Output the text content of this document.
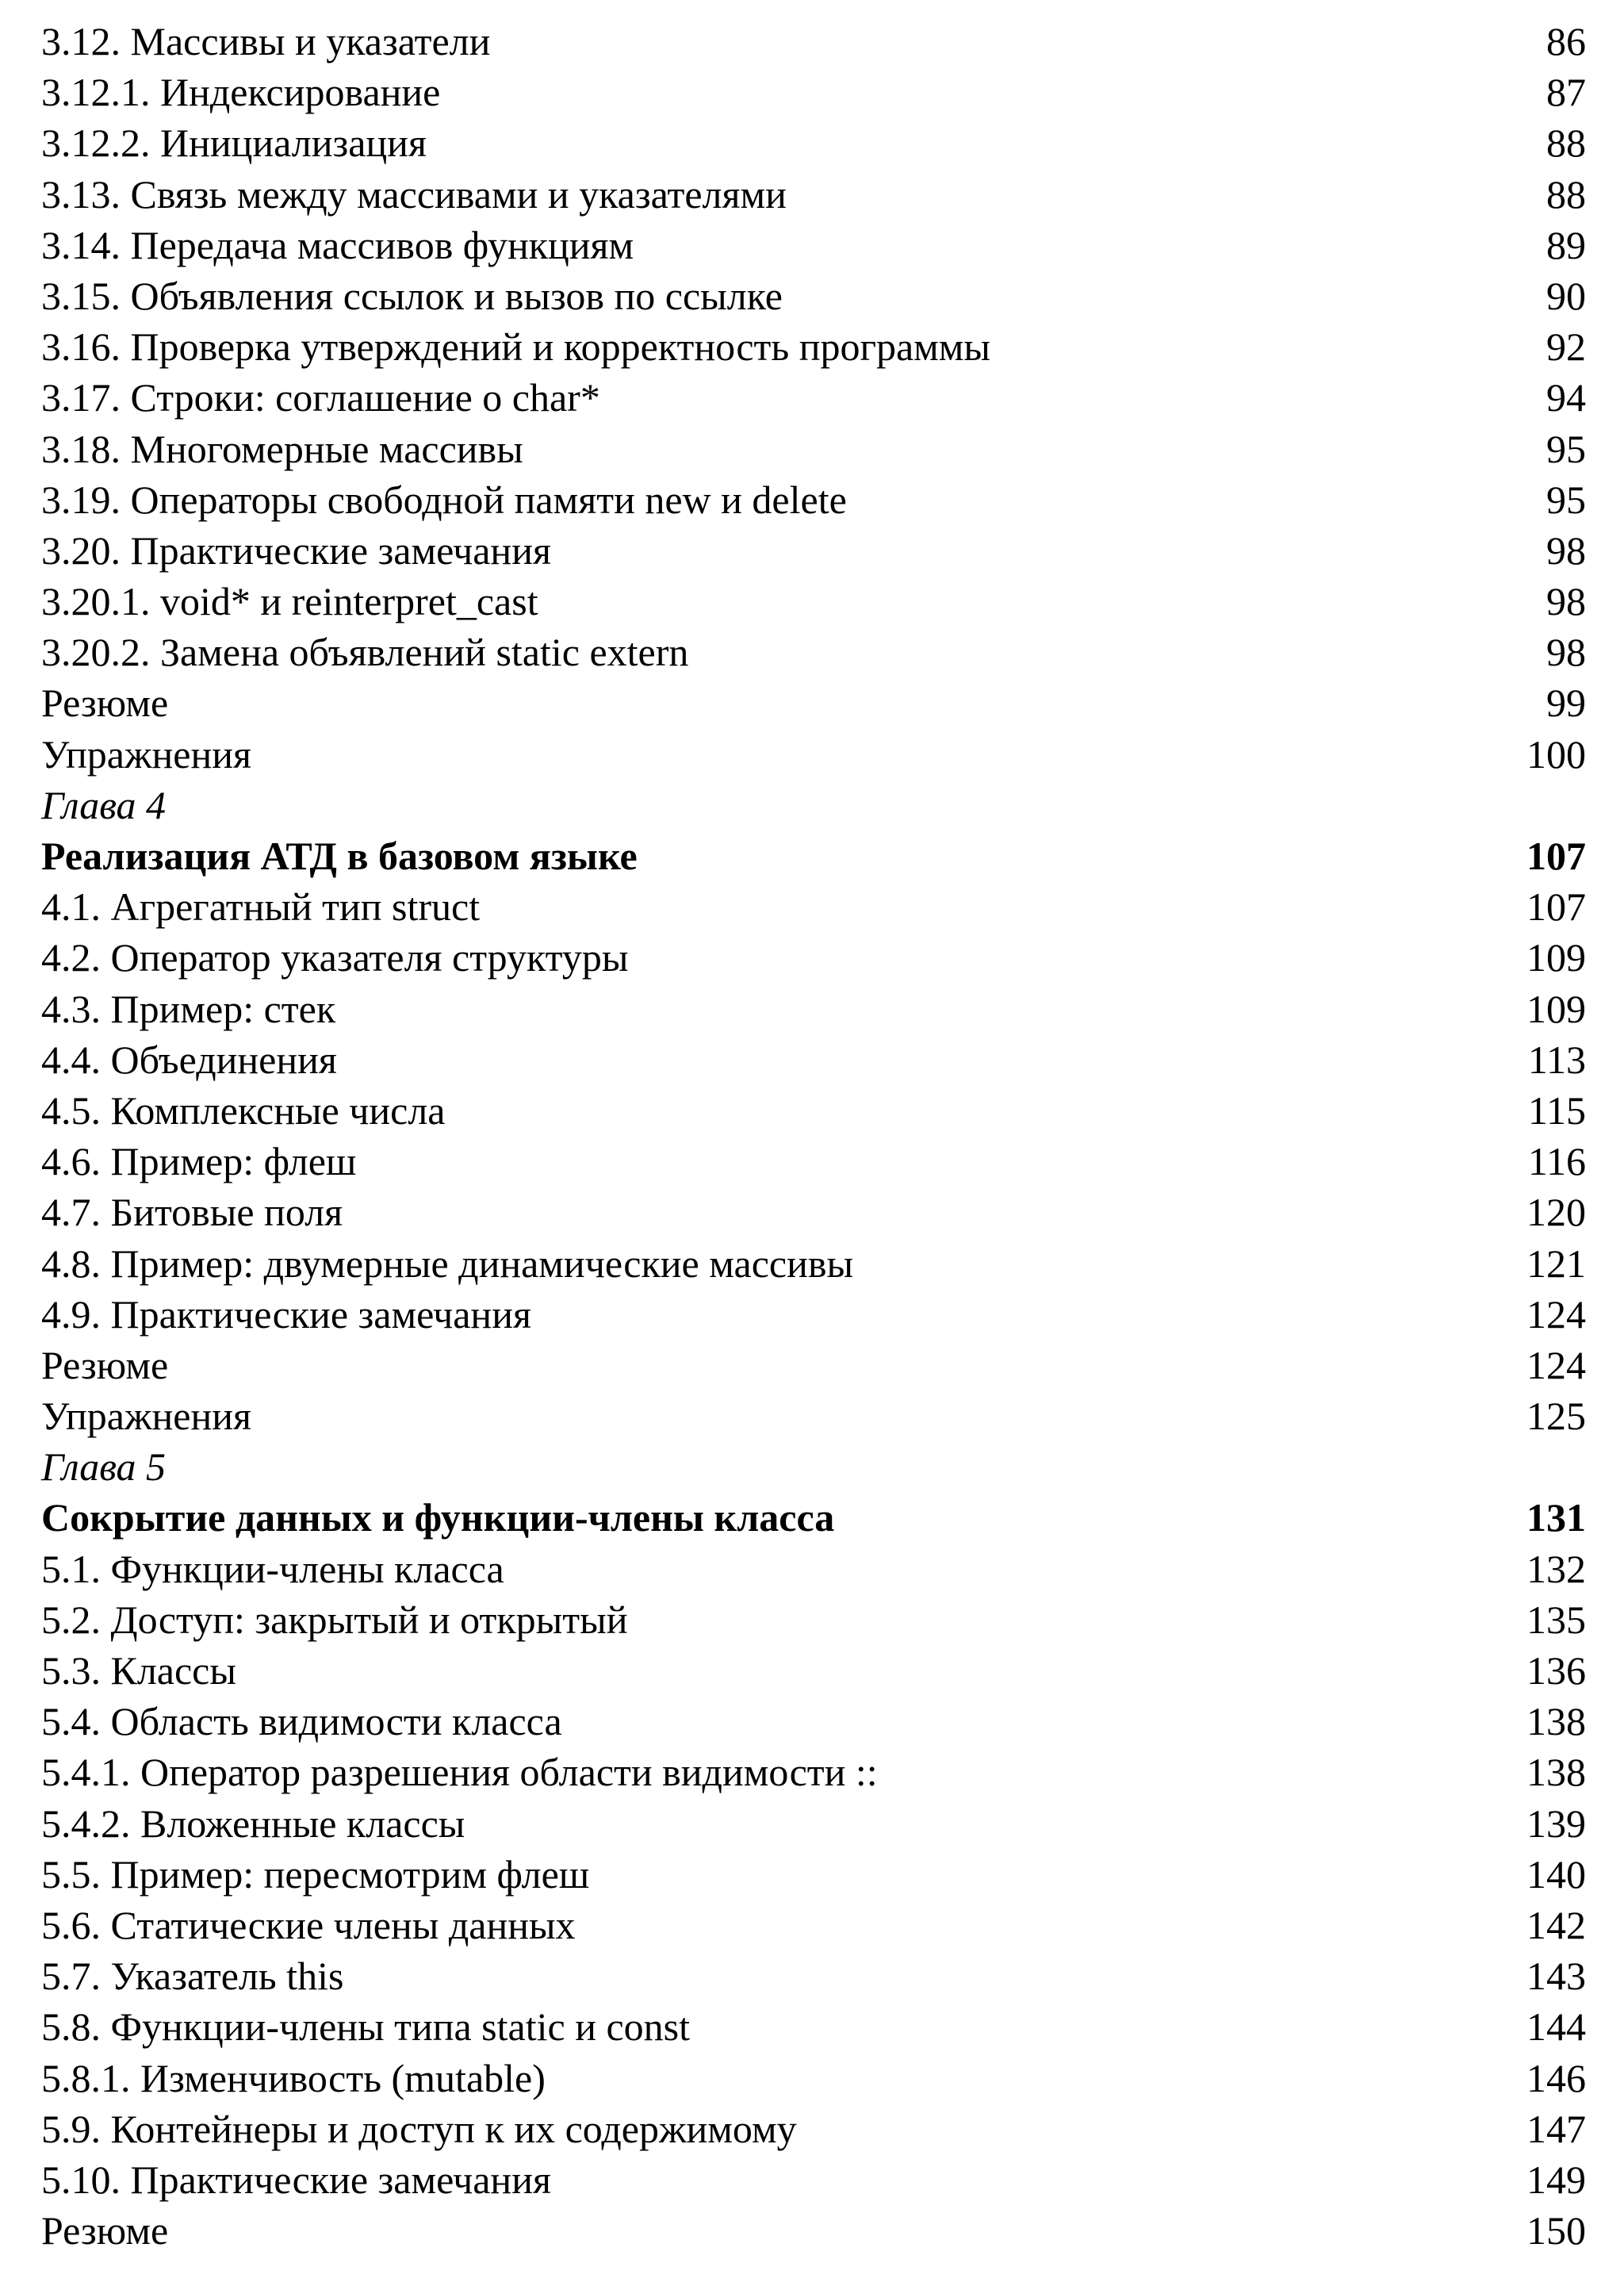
3.12. Массивы и указатели	86
3.12.1. Индексирование	87
3.12.2. Инициализация	88
3.13. Связь между массивами и указателями	88
3.14. Передача массивов функциям	89
3.15. Объявления ссылок и вызов по ссылке	90
3.16. Проверка утверждений и корректность программы	92
3.17. Строки: соглашение о char*	94
3.18. Многомерные массивы	95
3.19. Операторы свободной памяти new и delete	95
3.20. Практические замечания	98
3.20.1. void* и reinterpret_cast	98
3.20.2. Замена объявлений static extern	98
Резюме	99
Упражнения	100
Глава 4
Реализация АТД в базовом языке	107
4.1. Агрегатный тип struct	107
4.2. Оператор указателя структуры	109
4.3. Пример: стек	109
4.4. Объединения	113
4.5. Комплексные числа	115
4.6. Пример: флеш	116
4.7. Битовые поля	120
4.8. Пример: двумерные динамические массивы	121
4.9. Практические замечания	124
Резюме	124
Упражнения	125
Глава 5
Сокрытие данных и функции-члены класса	131
5.1. Функции-члены класса	132
5.2. Доступ: закрытый и открытый	135
5.3. Классы	136
5.4. Область видимости класса	138
5.4.1. Оператор разрешения области видимости ::	138
5.4.2. Вложенные классы	139
5.5. Пример: пересмотрим флеш	140
5.6. Статические члены данных	142
5.7. Указатель this	143
5.8. Функции-члены типа static и const	144
5.8.1. Изменчивость (mutable)	146
5.9. Контейнеры и доступ к их содержимому	147
5.10. Практические замечания	149
Резюме	150
